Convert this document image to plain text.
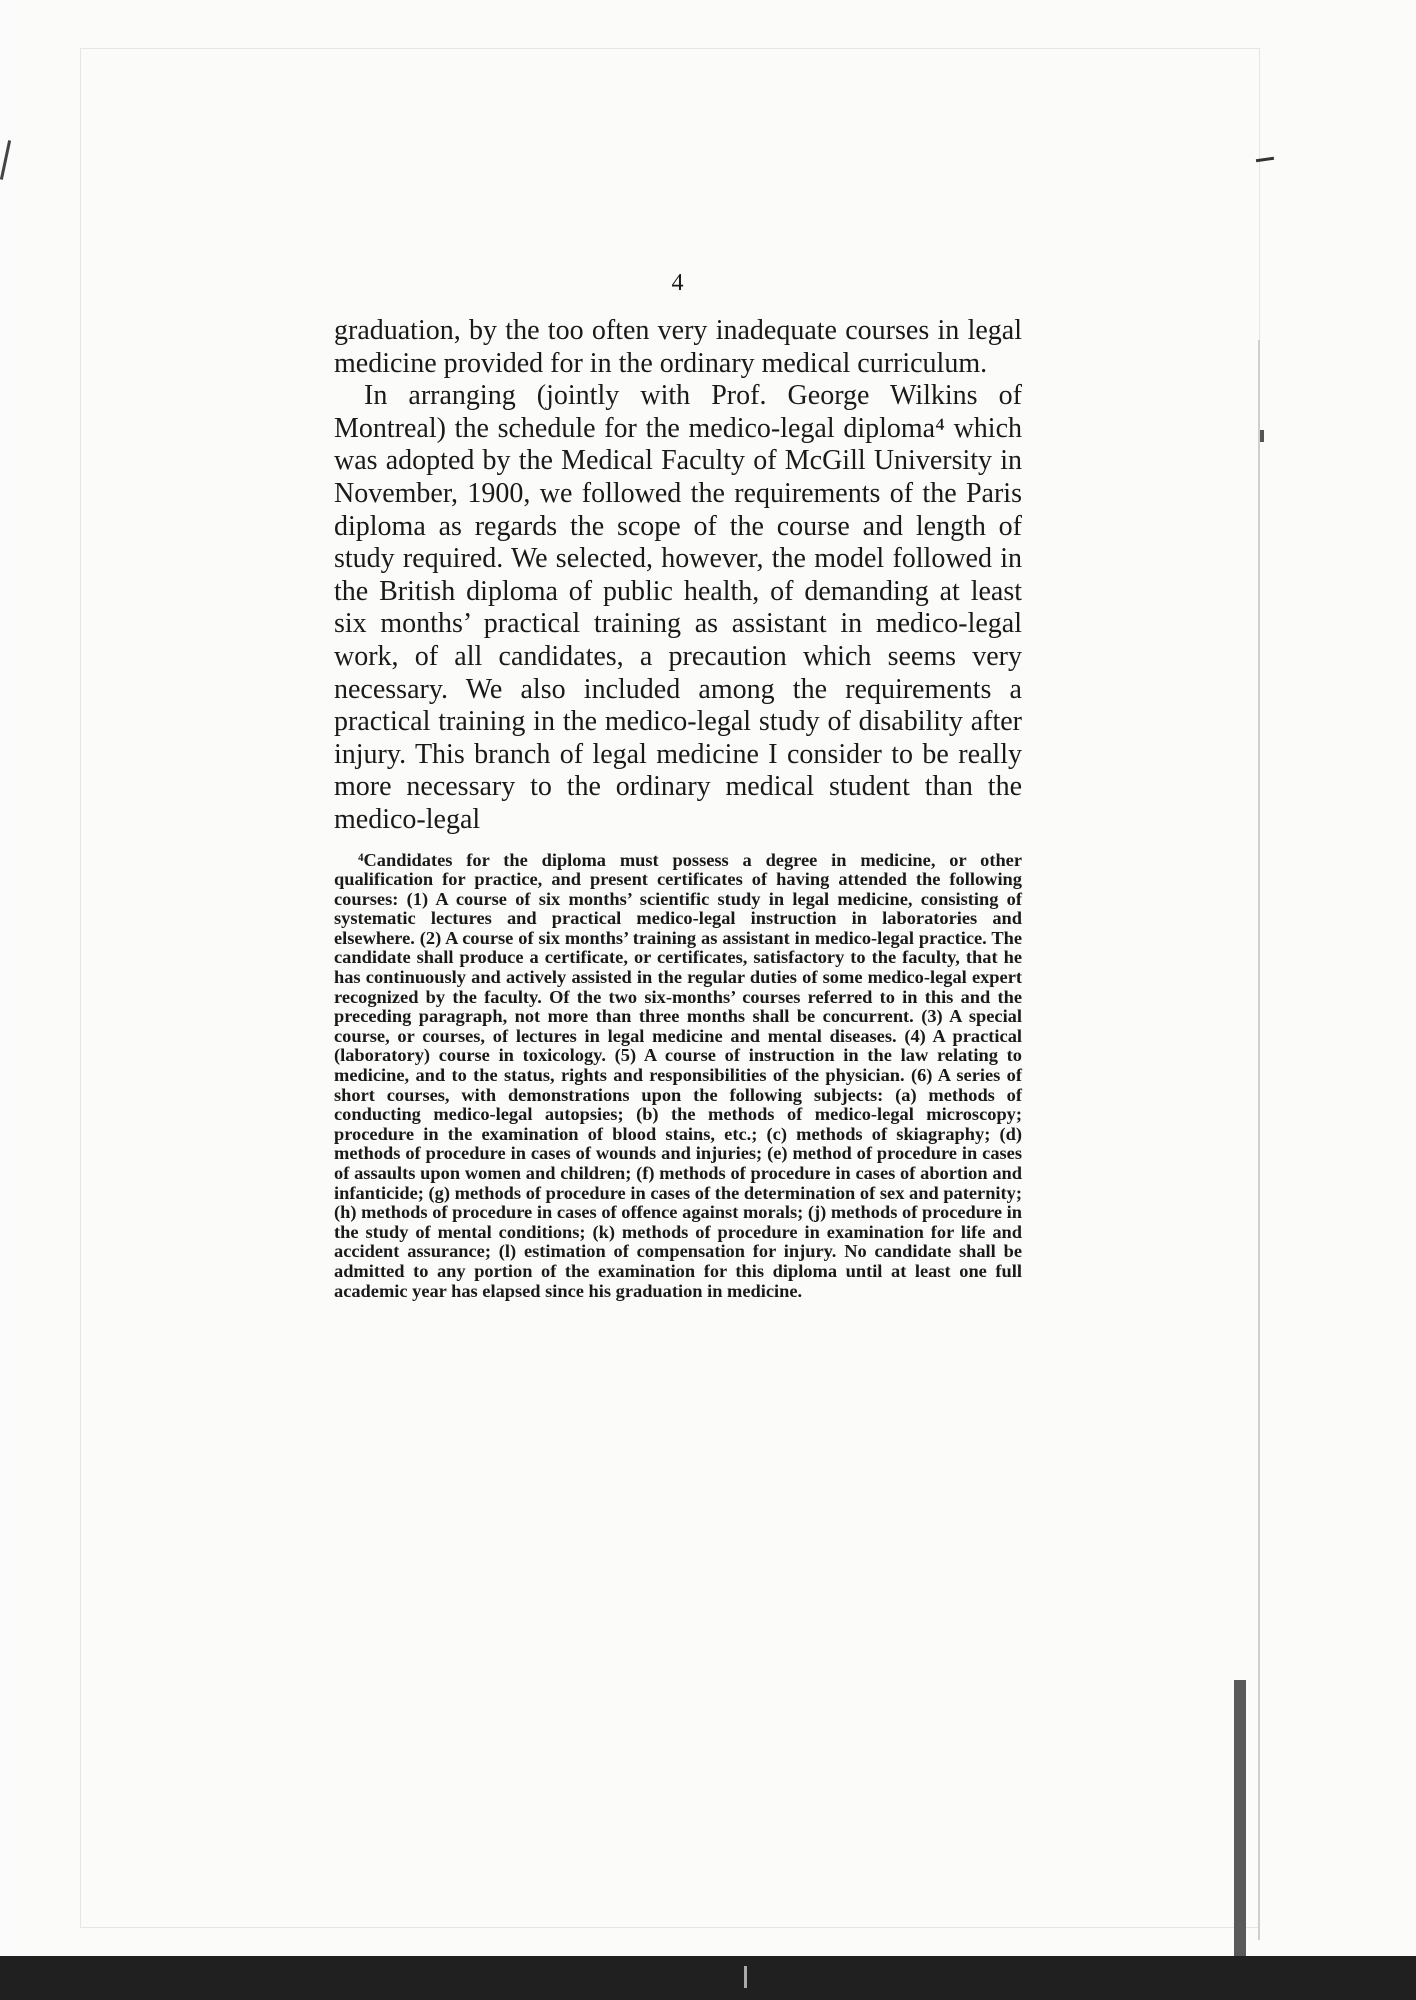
4

graduation, by the too often very inadequate courses in legal medicine provided for in the ordinary medical curriculum.

In arranging (jointly with Prof. George Wilkins of Montreal) the schedule for the medico-legal diploma⁴ which was adopted by the Medical Faculty of McGill University in November, 1900, we followed the requirements of the Paris diploma as regards the scope of the course and length of study required. We selected, however, the model followed in the British diploma of public health, of demanding at least six months’ practical training as assistant in medico-legal work, of all candidates, a precaution which seems very necessary. We also included among the requirements a practical training in the medico-legal study of disability after injury. This branch of legal medicine I consider to be really more necessary to the ordinary medical student than the medico-legal

⁴Candidates for the diploma must possess a degree in medicine, or other qualification for practice, and present certificates of having attended the following courses: (1) A course of six months’ scientific study in legal medicine, consisting of systematic lectures and practical medico-legal instruction in laboratories and elsewhere. (2) A course of six months’ training as assistant in medico-legal practice. The candidate shall produce a certificate, or certificates, satisfactory to the faculty, that he has continuously and actively assisted in the regular duties of some medico-legal expert recognized by the faculty. Of the two six-months’ courses referred to in this and the preceding paragraph, not more than three months shall be concurrent. (3) A special course, or courses, of lectures in legal medicine and mental diseases. (4) A practical (laboratory) course in toxicology. (5) A course of instruction in the law relating to medicine, and to the status, rights and responsibilities of the physician. (6) A series of short courses, with demonstrations upon the following subjects: (a) methods of conducting medico-legal autopsies; (b) the methods of medico-legal microscopy; procedure in the examination of blood stains, etc.; (c) methods of skiagraphy; (d) methods of procedure in cases of wounds and injuries; (e) method of procedure in cases of assaults upon women and children; (f) methods of procedure in cases of abortion and infanticide; (g) methods of procedure in cases of the determination of sex and paternity; (h) methods of procedure in cases of offence against morals; (j) methods of procedure in the study of mental conditions; (k) methods of procedure in examination for life and accident assurance; (l) estimation of compensation for injury. No candidate shall be admitted to any portion of the examination for this diploma until at least one full academic year has elapsed since his graduation in medicine.
